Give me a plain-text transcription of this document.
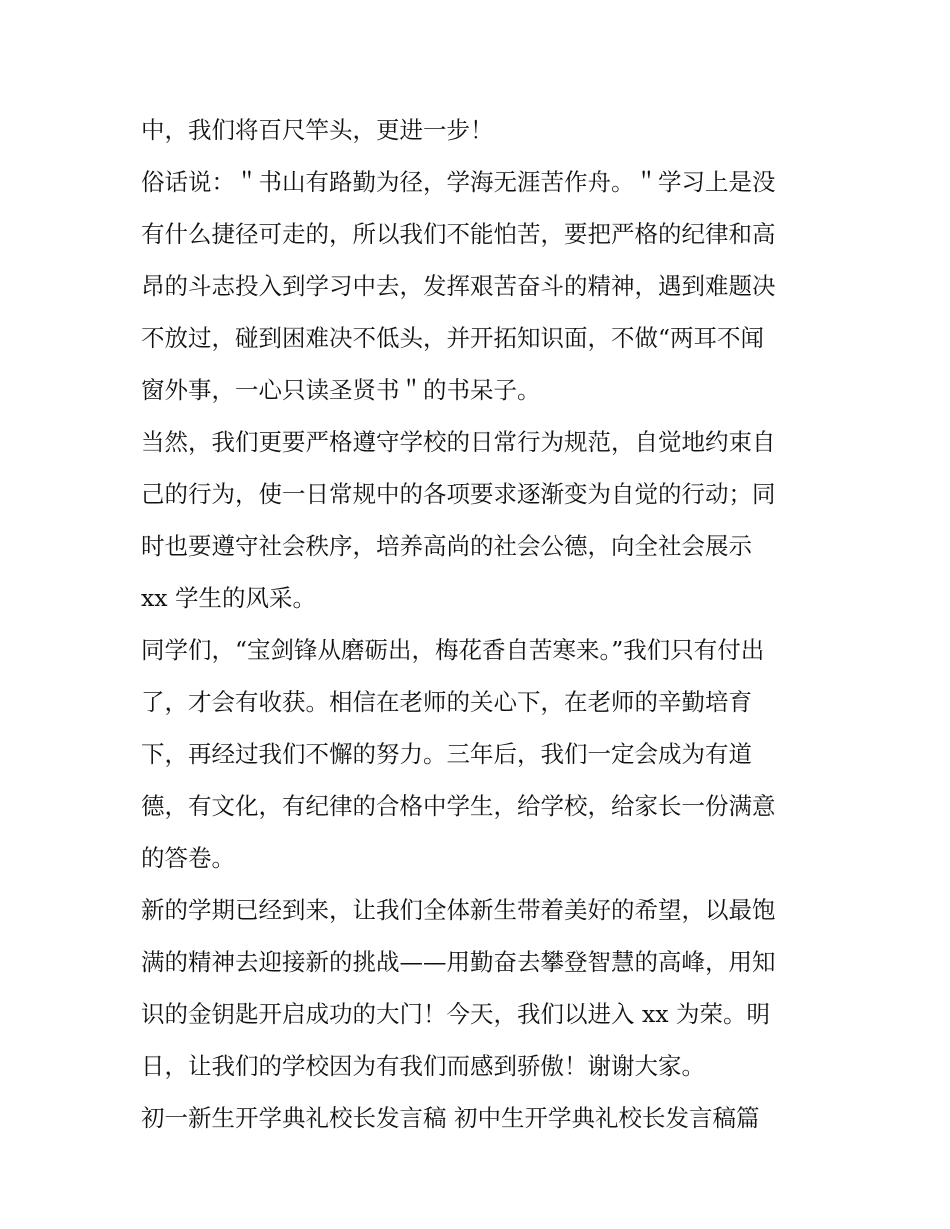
中，我们将百尺竿头，更进一步！
俗话说：＂书山有路勤为径，学海无涯苦作舟。＂学习上是没
有什么捷径可走的，所以我们不能怕苦，要把严格的纪律和高
昂的斗志投入到学习中去，发挥艰苦奋斗的精神，遇到难题决
不放过，碰到困难决不低头，并开拓知识面，不做“两耳不闻
窗外事，一心只读圣贤书＂的书呆子。
当然，我们更要严格遵守学校的日常行为规范，自觉地约束自
己的行为，使一日常规中的各项要求逐渐变为自觉的行动；同
时也要遵守社会秩序，培养高尚的社会公德，向全社会展示
xx 学生的风采。
同学们，“宝剑锋从磨砺出，梅花香自苦寒来。”我们只有付出
了，才会有收获。相信在老师的关心下，在老师的辛勤培育
下，再经过我们不懈的努力。三年后，我们一定会成为有道
德，有文化，有纪律的合格中学生，给学校，给家长一份满意
的答卷。
新的学期已经到来，让我们全体新生带着美好的希望，以最饱
满的精神去迎接新的挑战——用勤奋去攀登智慧的高峰，用知
识的金钥匙开启成功的大门！今天，我们以进入 xx 为荣。明
日，让我们的学校因为有我们而感到骄傲！谢谢大家。
初一新生开学典礼校长发言稿 初中生开学典礼校长发言稿篇
